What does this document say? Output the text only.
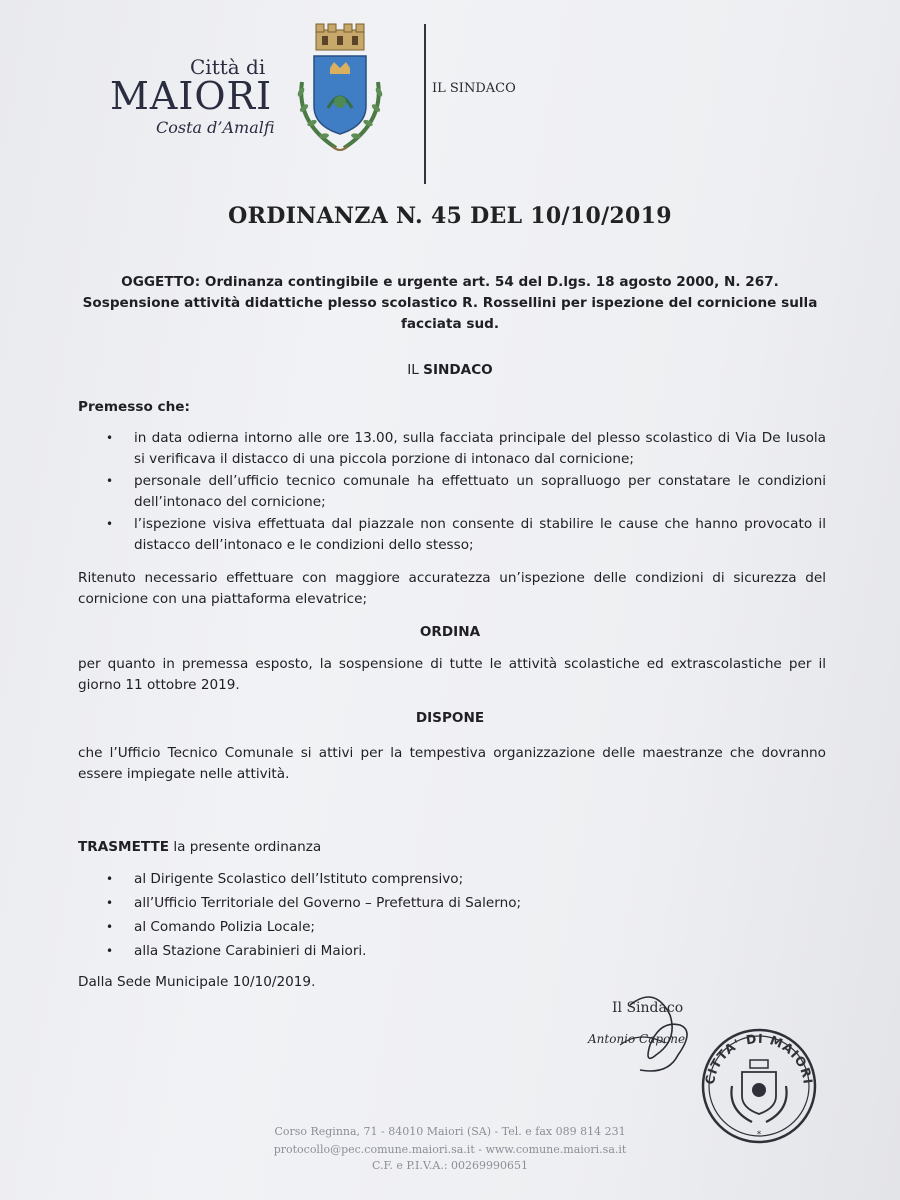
Città di
MAIORI
Costa d’Amalfi
IL SINDACO
ORDINANZA N. 45 DEL 10/10/2019
OGGETTO: Ordinanza contingibile e urgente art. 54 del D.lgs. 18 agosto 2000, N. 267. Sospensione attività didattiche plesso scolastico R. Rossellini per ispezione del cornicione sulla facciata sud.
IL SINDACO
Premesso che:
• in data odierna intorno alle ore 13.00, sulla facciata principale del plesso scolastico di Via De Iusola si verificava il distacco di una piccola porzione di intonaco dal cornicione;
• personale dell’ufficio tecnico comunale ha effettuato un sopralluogo per constatare le condizioni dell’intonaco del cornicione;
• l’ispezione visiva effettuata dal piazzale non consente di stabilire le cause che hanno provocato il distacco dell’intonaco e le condizioni dello stesso;
Ritenuto necessario effettuare con maggiore accuratezza un’ispezione delle condizioni di sicurezza del cornicione con una piattaforma elevatrice;
ORDINA
per quanto in premessa esposto, la sospensione di tutte le attività scolastiche ed extrascolastiche per il giorno 11 ottobre 2019.
DISPONE
che l’Ufficio Tecnico Comunale si attivi per la tempestiva organizzazione delle maestranze che dovranno essere impiegate nelle attività.
TRASMETTE la presente ordinanza
• al Dirigente Scolastico dell’Istituto comprensivo;
• all’Ufficio Territoriale del Governo – Prefettura di Salerno;
• al Comando Polizia Locale;
• alla Stazione Carabinieri di Maiori.
Dalla Sede Municipale 10/10/2019.
Il Sindaco
Antonio Capone
CITTA' DI MAIORI
*
Corso Reginna, 71 - 84010 Maiori (SA) - Tel. e fax 089 814 231
protocollo@pec.comune.maiori.sa.it - www.comune.maiori.sa.it
C.F. e P.I.V.A.: 00269990651
